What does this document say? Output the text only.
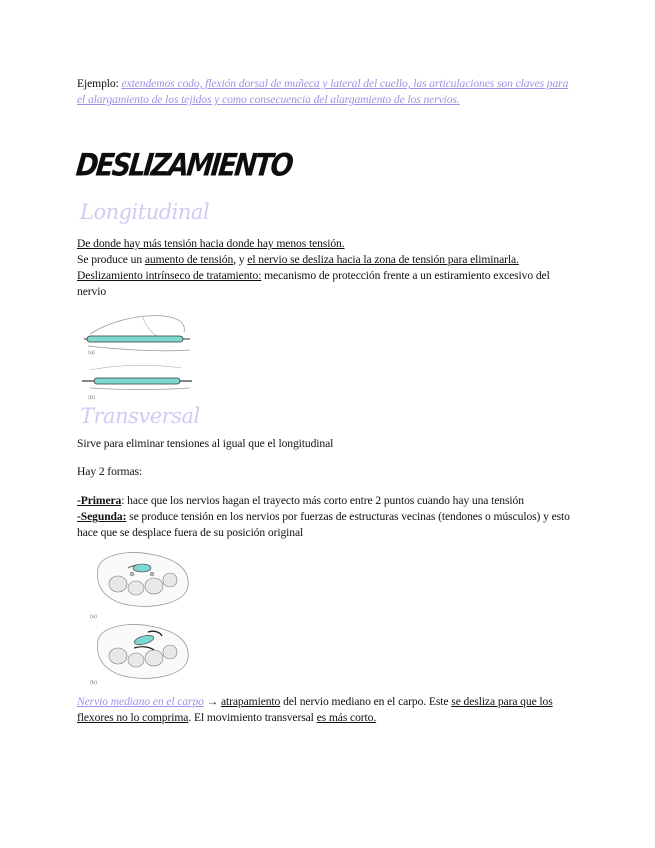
Ejemplo: extendemos codo, flexión dorsal de muñeca y lateral del cuello, las articulaciones son claves para el alargamiento de los tejidos y como consecuencia del alargamiento de los nervios.
DESLIZAMIENTO
Longitudinal
De donde hay más tensión hacia donde hay menos tensión.
Se produce un aumento de tensión, y el nervio se desliza hacia la zona de tensión para eliminarla.
Deslizamiento intrínseco de tratamiento: mecanismo de protección frente a un estiramiento excesivo del nervio
(a)
(b)
Transversal
Sirve para eliminar tensiones al igual que el longitudinal
Hay 2 formas:
-Primera: hace que los nervios hagan el trayecto más corto entre 2 puntos cuando hay una tensión
-Segunda: se produce tensión en los nervios por fuerzas de estructuras vecinas (tendones o músculos) y esto hace que se desplace fuera de su posición original
(a)
(b)
Nervio mediano en el carpo → atrapamiento del nervio mediano en el carpo. Este se desliza para que los flexores no lo comprima. El movimiento transversal es más corto.
